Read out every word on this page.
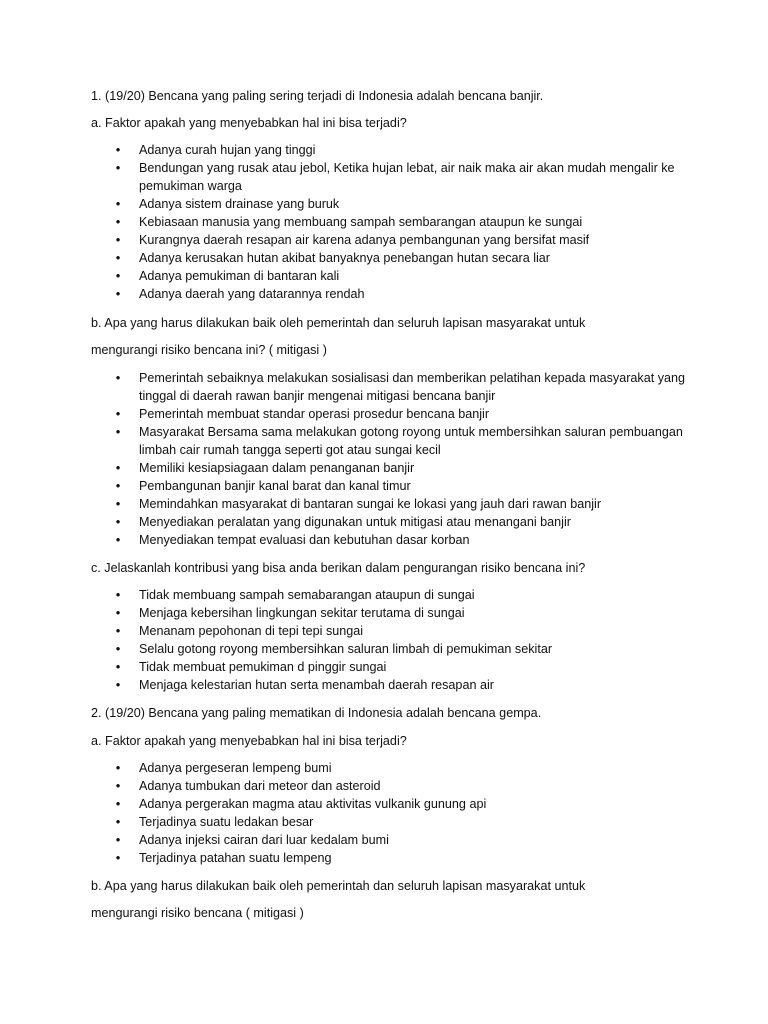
1. (19/20) Bencana yang paling sering terjadi di Indonesia adalah bencana banjir.

a. Faktor apakah yang menyebabkan hal ini bisa terjadi?

• Adanya curah hujan yang tinggi
• Bendungan yang rusak atau jebol, Ketika hujan lebat, air naik maka air akan mudah mengalir ke pemukiman warga
• Adanya sistem drainase yang buruk
• Kebiasaan manusia yang membuang sampah sembarangan ataupun ke sungai
• Kurangnya daerah resapan air karena adanya pembangunan yang bersifat masif
• Adanya kerusakan hutan akibat banyaknya penebangan hutan secara liar
• Adanya pemukiman di bantaran kali
• Adanya daerah yang datarannya rendah

b. Apa yang harus dilakukan baik oleh pemerintah dan seluruh lapisan masyarakat untuk

mengurangi risiko bencana ini? ( mitigasi )

• Pemerintah sebaiknya melakukan sosialisasi dan memberikan pelatihan kepada masyarakat yang tinggal di daerah rawan banjir mengenai mitigasi bencana banjir
• Pemerintah membuat standar operasi prosedur bencana banjir
• Masyarakat Bersama sama melakukan gotong royong untuk membersihkan saluran pembuangan limbah cair rumah tangga seperti got atau sungai kecil
• Memiliki kesiapsiagaan dalam penanganan banjir
• Pembangunan banjir kanal barat dan kanal timur
• Memindahkan masyarakat di bantaran sungai ke lokasi yang jauh dari rawan banjir
• Menyediakan peralatan yang digunakan untuk mitigasi atau menangani banjir
• Menyediakan tempat evaluasi dan kebutuhan dasar korban

c. Jelaskanlah kontribusi yang bisa anda berikan dalam pengurangan risiko bencana ini?

• Tidak membuang sampah semabarangan ataupun di sungai
• Menjaga kebersihan lingkungan sekitar terutama di sungai
• Menanam pepohonan di tepi tepi sungai
• Selalu gotong royong membersihkan saluran limbah di pemukiman sekitar
• Tidak membuat pemukiman d pinggir sungai
• Menjaga kelestarian hutan serta menambah daerah resapan air

2. (19/20) Bencana yang paling mematikan di Indonesia adalah bencana gempa.

a. Faktor apakah yang menyebabkan hal ini bisa terjadi?

• Adanya pergeseran lempeng bumi
• Adanya tumbukan dari meteor dan asteroid
• Adanya pergerakan magma atau aktivitas vulkanik gunung api
• Terjadinya suatu ledakan besar
• Adanya injeksi cairan dari luar kedalam bumi
• Terjadinya patahan suatu lempeng

b. Apa yang harus dilakukan baik oleh pemerintah dan seluruh lapisan masyarakat untuk

mengurangi risiko bencana ( mitigasi )
